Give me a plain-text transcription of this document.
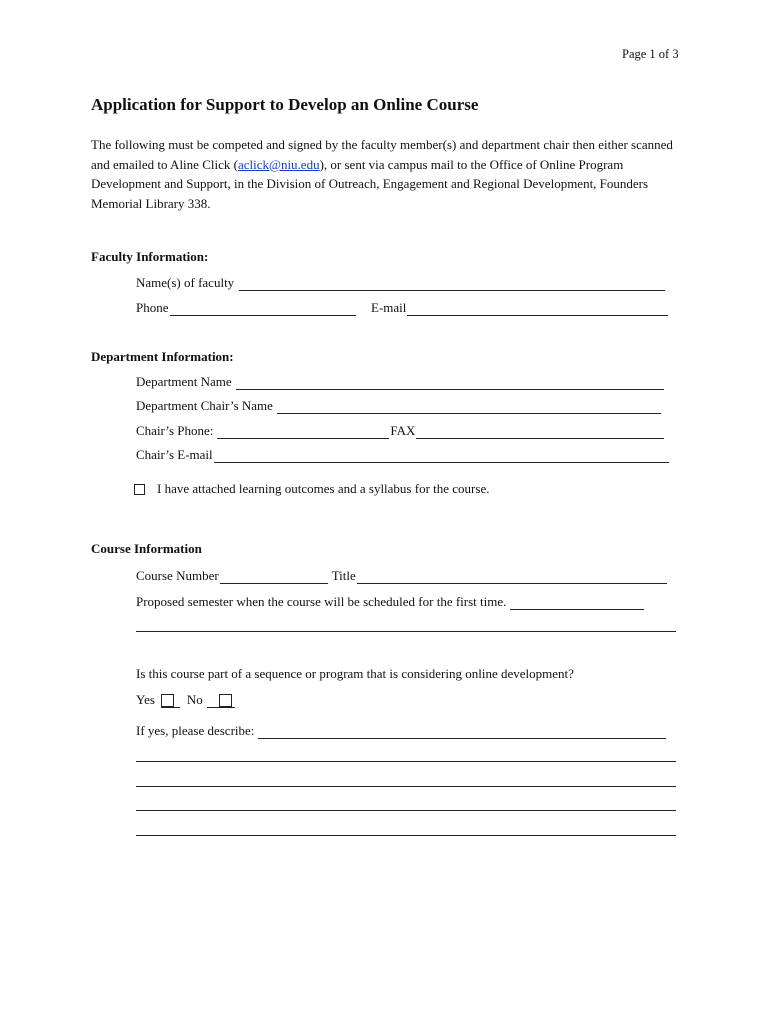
Page 1 of 3
Application for Support to Develop an Online Course
The following must be competed and signed by the faculty member(s) and department chair then either scanned and emailed to Aline Click (aclick@niu.edu), or sent via campus mail to the Office of Online Program Development and Support, in the Division of Outreach, Engagement and Regional Development, Founders Memorial Library 338.
Faculty Information:
Name(s) of faculty
Phone	E-mail
Department Information:
Department Name
Department Chair’s Name
Chair’s Phone:	FAX
Chair’s E-mail
I have attached learning outcomes and a syllabus for the course.
Course Information
Course Number	Title
Proposed semester when the course will be scheduled for the first time.
Is this course part of a sequence or program that is considering online development?
Yes No
If yes, please describe:
